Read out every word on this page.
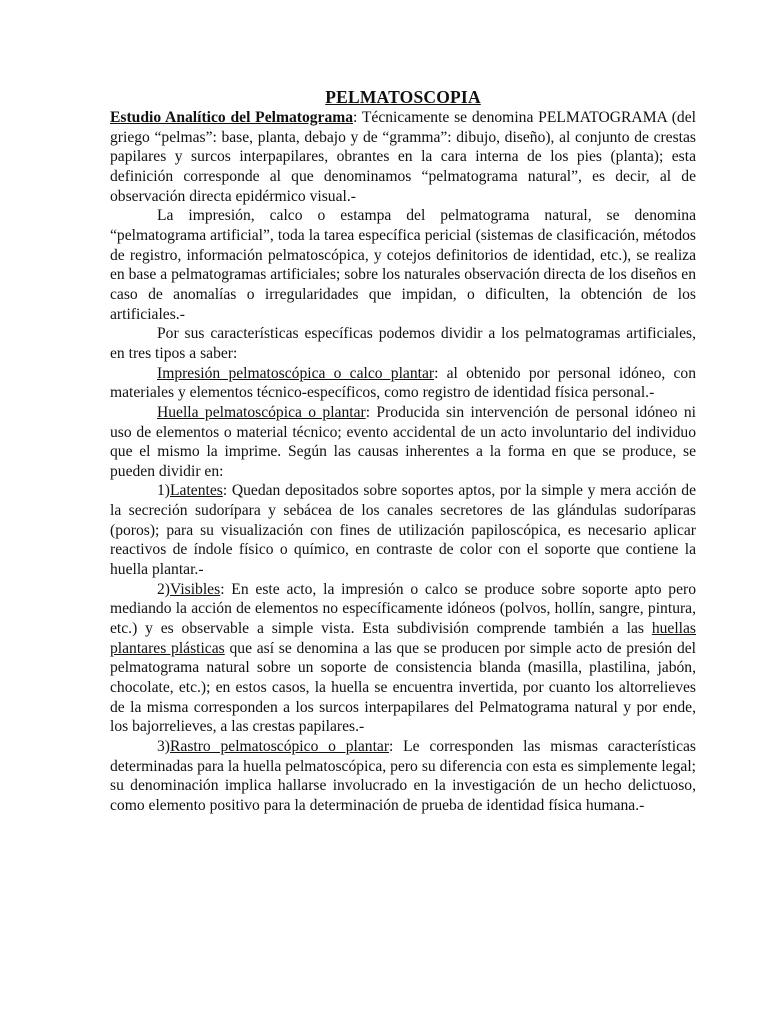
PELMATOSCOPIA

Estudio Analítico del Pelmatograma: Técnicamente se denomina PELMATOGRAMA (del griego “pelmas”: base, planta, debajo y de “gramma”: dibujo, diseño), al conjunto de crestas papilares y surcos interpapilares, obrantes en la cara interna de los pies (planta); esta definición corresponde al que denominamos “pelmatograma natural”, es decir, al de observación directa epidérmico visual.-

La impresión, calco o estampa del pelmatograma natural, se denomina “pelmatograma artificial”, toda la tarea específica pericial (sistemas de clasificación, métodos de registro, información pelmatoscópica, y cotejos definitorios de identidad, etc.), se realiza en base a pelmatogramas artificiales; sobre los naturales observación directa de los diseños en caso de anomalías o irregularidades que impidan, o dificulten, la obtención de los artificiales.-

Por sus características específicas podemos dividir a los pelmatogramas artificiales, en tres tipos a saber:

Impresión pelmatoscópica o calco plantar: al obtenido por personal idóneo, con materiales y elementos técnico-específicos, como registro de identidad física personal.-

Huella pelmatoscópica o plantar: Producida sin intervención de personal idóneo ni uso de elementos o material técnico; evento accidental de un acto involuntario del individuo que el mismo la imprime. Según las causas inherentes a la forma en que se produce, se pueden dividir en:

1)Latentes: Quedan depositados sobre soportes aptos, por la simple y mera acción de la secreción sudorípara y sebácea de los canales secretores de las glándulas sudoríparas (poros); para su visualización con fines de utilización papiloscópica, es necesario aplicar reactivos de índole físico o químico, en contraste de color con el soporte que contiene la huella plantar.-

2)Visibles: En este acto, la impresión o calco se produce sobre soporte apto pero mediando la acción de elementos no específicamente idóneos (polvos, hollín, sangre, pintura, etc.) y es observable a simple vista. Esta subdivisión comprende también a las huellas plantares plásticas que así se denomina a las que se producen por simple acto de presión del pelmatograma natural sobre un soporte de consistencia blanda (masilla, plastilina, jabón, chocolate, etc.); en estos casos, la huella se encuentra invertida, por cuanto los altorrelieves de la misma corresponden a los surcos interpapilares del Pelmatograma natural y por ende, los bajorrelieves, a las crestas papilares.-

3)Rastro pelmatoscópico o plantar: Le corresponden las mismas características determinadas para la huella pelmatoscópica, pero su diferencia con esta es simplemente legal; su denominación implica hallarse involucrado en la investigación de un hecho delictuoso, como elemento positivo para la determinación de prueba de identidad física humana.-
